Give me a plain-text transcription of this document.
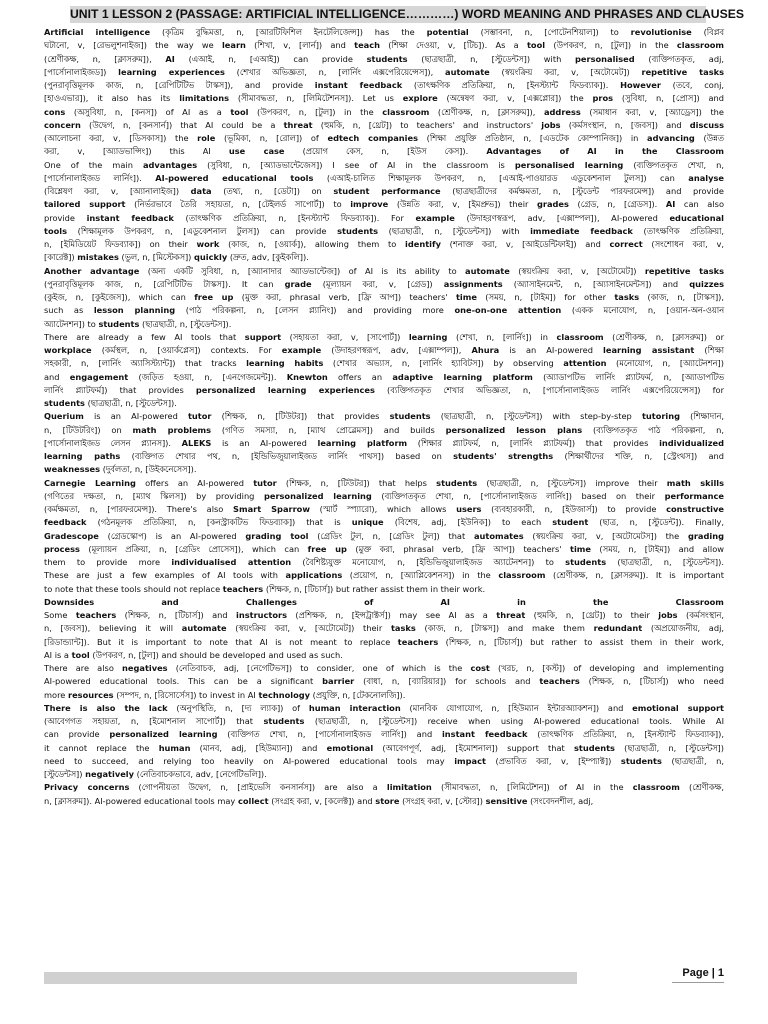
UNIT 1 LESSON 2 (PASSAGE: ARTIFICIAL INTELLIGENCE…………) WORD MEANING AND PHRASES AND CLAUSES

Artificial intelligence (কৃত্রিম বুদ্ধিমত্তা, n, [আরটিফিশিল ইনটেলিজেন্স]) has the potential (সম্ভাবনা, n, [পোটেনশিয়াল]) to revolutionise (বিপ্লব
ঘটানো, v, [রেভলুশনাইজ]) the way we learn (শিখা, v, [লার্ন]) and teach (শিক্ষা দেওয়া, v, [টিচ]). As a tool (উপকরণ, n, [টুল]) in the classroom
(শ্রেণীকক্ষ, n, [ক্লাসরুম]), AI (এআই, n, [এআই]) can provide students (ছাত্রছাত্রী, n, [স্টুডেন্টস]) with personalised (ব্যক্তিগতকৃত, adj,
[পার্সোনালাইজড]) learning experiences (শেখার অভিজ্ঞতা, n, [লার্নিং এক্সপেরিয়েন্সেস]), automate (স্বয়ংক্রিয় করা, v, [অটোমেট]) repetitive tasks
(পুনরাবৃত্তিমূলক কাজ, n, [রেপিটিটিভ টাস্কস]), and provide instant feedback (তাৎক্ষণিক প্রতিক্রিয়া, n, [ইনস্ট্যান্ট ফিডব্যাক]). However (তবে, conj,
[হাওএভার]), it also has its limitations (সীমাবদ্ধতা, n, [লিমিটেশনস]). Let us explore (অন্বেষণ করা, v, [এক্সপ্লোর]) the pros (সুবিধা, n, [প্রোস]) and
cons (অসুবিধা, n, [কনস]) of AI as a tool (উপকরণ, n, [টুল]) in the classroom (শ্রেণীকক্ষ, n, [ক্লাসরুম]), address (সমাধান করা, v, [অ্যাড্রেস]) the
concern (উদ্বেগ, n, [কনসার্ন]) that AI could be a threat (হুমকি, n, [থ্রেট]) to teachers' and instructors' jobs (কর্মসংস্থান, n, [জবস]) and discuss
(আলোচনা করা, v, [ডিসকাস]) the role (ভূমিকা, n, [রোল]) of edtech companies (শিক্ষা প্রযুক্তি প্রতিষ্ঠান, n, [এডটেক কোম্পানিজ]) in advancing (উন্নত
করা, v, [অ্যাডভান্সিং]) this AI use case (প্রয়োগ কেস, n, [ইউস কেস]). Advantages of AI in the Classroom
One of the main advantages (সুবিধা, n, [অ্যাডভান্টেজেস]) I see of AI in the classroom is personalised learning (ব্যক্তিগতকৃত শেখা, n,
[পার্সোনালাইজড লার্নিং]). AI-powered educational tools (এআই-চালিত শিক্ষামূলক উপকরণ, n, [এআই-পাওয়ারড এডুকেশনাল টুলস]) can analyse
(বিশ্লেষণ করা, v, [অ্যানালাইজ]) data (তথ্য, n, [ডেটা]) on student performance (ছাত্রছাত্রীদের কর্মক্ষমতা, n, [স্টুডেন্ট পারফরমেন্স]) and provide
tailored support (নির্ভরভাবে তৈরি সহায়তা, n, [টেইলর্ড সাপোর্ট]) to improve (উন্নতি করা, v, [ইমপ্রুভ]) their grades (গ্রেড, n, [গ্রেডস]). AI can also
provide instant feedback (তাৎক্ষণিক প্রতিক্রিয়া, n, [ইনস্ট্যান্ট ফিডব্যাক]). For example (উদাহরণস্বরূপ, adv, [এক্সাম্পল]), AI-powered educational
tools (শিক্ষামূলক উপকরণ, n, [এডুকেশনাল টুলস]) can provide students (ছাত্রছাত্রী, n, [স্টুডেন্টস]) with immediate feedback (তাৎক্ষণিক প্রতিক্রিয়া,
n, [ইমিডিয়েট ফিডব্যাক]) on their work (কাজ, n, [ওয়ার্ক]), allowing them to identify (শনাক্ত করা, v, [আইডেন্টিফাই]) and correct (সংশোধন করা, v,
[কারেক্ট]) mistakes (ভুল, n, [মিস্টেকস]) quickly (দ্রুত, adv, [কুইকলি]).

Another advantage (অন্য একটি সুবিধা, n, [অ্যানাদার অ্যাডভান্টেজ]) of AI is its ability to automate (স্বয়ংক্রিয় করা, v, [অটোমেট]) repetitive tasks
(পুনরাবৃত্তিমূলক কাজ, n, [রেপিটিটিভ টাস্কস]). It can grade (মূল্যায়ন করা, v, [গ্রেড]) assignments (অ্যাসাইনমেন্ট, n, [অ্যাসাইনমেন্টস]) and quizzes
(কুইজ, n, [কুইজেস]), which can free up (মুক্ত করা, phrasal verb, [ফ্রি আপ]) teachers' time (সময়, n, [টাইম]) for other tasks (কাজ, n, [টাস্কস]),
such as lesson planning (পাঠ পরিকল্পনা, n, [লেসন প্ল্যানিং]) and providing more one-on-one attention (একক মনোযোগ, n, [ওয়ান-অন-ওয়ান
অ্যাটেনশন]) to students (ছাত্রছাত্রী, n, [স্টুডেন্টস]).

There are already a few AI tools that support (সহায়তা করা, v, [সাপোর্ট]) learning (শেখা, n, [লার্নিং]) in classroom (শ্রেণীকক্ষ, n, [ক্লাসরুম]) or
workplace (কর্মস্থল, n, [ওয়ার্কপ্লেস]) contexts. For example (উদাহরণস্বরূপ, adv, [এক্সাম্পল]), Ahura is an AI-powered learning assistant (শিক্ষা
সহকারী, n, [লার্নিং অ্যাসিস্ট্যান্ট]) that tracks learning habits (শেখার অভ্যাস, n, [লার্নিং হ্যাবিটস]) by observing attention (মনোযোগ, n, [অ্যাটেনশন])
and engagement (জড়িত হওয়া, n, [এনগেজমেন্ট]). Knewton offers an adaptive learning platform (অ্যাডাপটিভ লার্নিং প্ল্যাটফর্ম, n, [অ্যাডাপটিভ
লার্নিং প্ল্যাটফর্ম]) that provides personalized learning experiences (ব্যক্তিগতকৃত শেখার অভিজ্ঞতা, n, [পার্সোনালাইজড লার্নিং এক্সপেরিয়েন্সেস]) for
students (ছাত্রছাত্রী, n, [স্টুডেন্টস]).

Querium is an AI-powered tutor (শিক্ষক, n, [টিউটর]) that provides students (ছাত্রছাত্রী, n, [স্টুডেন্টস]) with step-by-step tutoring (শিক্ষাদান,
n, [টিউটরিং]) on math problems (গণিত সমস্যা, n, [ম্যাথ প্রোব্লেমস]) and builds personalized lesson plans (ব্যক্তিগতকৃত পাঠ পরিকল্পনা, n,
[পার্সোনালাইজড লেসন প্ল্যানস]). ALEKS is an AI-powered learning platform (শিক্ষার প্ল্যাটফর্ম, n, [লার্নিং প্ল্যাটফর্ম]) that provides individualized
learning paths (ব্যক্তিগত শেখার পথ, n, [ইন্ডিভিজুয়ালাইজড লার্নিং পাথস]) based on students' strengths (শিক্ষার্থীদের শক্তি, n, [স্ট্রেংথস]) and
weaknesses (দুর্বলতা, n, [উইকনেসেস]).

Carnegie Learning offers an AI-powered tutor (শিক্ষক, n, [টিউটর]) that helps students (ছাত্রছাত্রী, n, [স্টুডেন্টস]) improve their math skills
(গণিতের দক্ষতা, n, [ম্যাথ স্কিলস]) by providing personalized learning (ব্যক্তিগতকৃত শেখা, n, [পার্সোনালাইজড লার্নিং]) based on their performance
(কর্মক্ষমতা, n, [পারফরমেন্স]). There's also Smart Sparrow (স্মার্ট স্প্যারো), which allows users (ব্যবহারকারী, n, [ইউজার্স]) to provide constructive
feedback (গঠনমূলক প্রতিক্রিয়া, n, [কনস্ট্রাকটিভ ফিডব্যাক]) that is unique (বিশেষ, adj, [ইউনিক]) to each student (ছাত্র, n, [স্টুডেন্ট]). Finally,
Gradescope (গ্রেডস্কোপ) is an AI-powered grading tool (গ্রেডিং টুল, n, [গ্রেডিং টুল]) that automates (স্বয়ংক্রিয় করা, v, [অটোমেটস]) the grading
process (মূল্যায়ন প্রক্রিয়া, n, [গ্রেডিং প্রোসেস]), which can free up (মুক্ত করা, phrasal verb, [ফ্রি আপ]) teachers' time (সময়, n, [টাইম]) and allow
them to provide more individualised attention (বৈশিষ্ট্যযুক্ত মনোযোগ, n, [ইন্ডিভিজুয়ালাইজড অ্যাটেনশন]) to students (ছাত্রছাত্রী, n, [স্টুডেন্টস]).
These are just a few examples of AI tools with applications (প্রয়োগ, n, [অ্যাপ্লিকেশনস]) in the classroom (শ্রেণীকক্ষ, n, [ক্লাসরুম]). It is important
to note that these tools should not replace teachers (শিক্ষক, n, [টিচার্স]) but rather assist them in their work.

Downsides	and	Challenges	of	AI	in	the	Classroom

Some teachers (শিক্ষক, n, [টিচার্স]) and instructors (প্রশিক্ষক, n, [ইন্সট্রাক্টর্স]) may see AI as a threat (হুমকি, n, [থ্রেট]) to their jobs (কর্মসংস্থান,
n, [জবস]), believing it will automate (স্বয়ংক্রিয় করা, v, [অটোমেট]) their tasks (কাজ, n, [টাস্কস]) and make them redundant (অপ্রয়োজনীয়, adj,
[রিডান্ড্যান্ট]). But it is important to note that AI is not meant to replace teachers (শিক্ষক, n, [টিচার্স]) but rather to assist them in their work,
AI is a tool (উপকরণ, n, [টুল]) and should be developed and used as such.

There are also negatives (নেতিবাচক, adj, [নেগেটিভস]) to consider, one of which is the cost (খরচ, n, [কস্ট]) of developing and implementing
AI-powered educational tools. This can be a significant barrier (বাধা, n, [ব্যারিয়ার]) for schools and teachers (শিক্ষক, n, [টিচার্স]) who need
more resources (সম্পদ, n, [রিসোর্সেস]) to invest in AI technology (প্রযুক্তি, n, [টেকনোলজি]).

There is also the lack (অনুপস্থিতি, n, [দ্য ল্যাক]) of human interaction (মানবিক যোগাযোগ, n, [হিউম্যান ইন্টারঅ্যাকশন]) and emotional support
(আবেগগত সহায়তা, n, [ইমোশনাল সাপোর্ট]) that students (ছাত্রছাত্রী, n, [স্টুডেন্টস]) receive when using AI-powered educational tools. While AI
can provide personalized learning (ব্যক্তিগত শেখা, n, [পার্সোনালাইজড লার্নিং]) and instant feedback (তাৎক্ষণিক প্রতিক্রিয়া, n, [ইনস্ট্যান্ট ফিডব্যাক]),
it cannot replace the human (মানব, adj, [হিউম্যান]) and emotional (আবেগপূর্ণ, adj, [ইমোশনাল]) support that students (ছাত্রছাত্রী, n, [স্টুডেন্টস])
need to succeed, and relying too heavily on AI-powered educational tools may impact (প্রভাবিত করা, v, [ইম্প্যাক্ট]) students (ছাত্রছাত্রী, n,
[স্টুডেন্টস]) negatively (নেতিবাচকভাবে, adv, [নেগেটিভলি]).

Privacy concerns (গোপনীয়তা উদ্বেগ, n, [প্রাইভেসি কনসার্নস]) are also a limitation (সীমাবদ্ধতা, n, [লিমিটেশন]) of AI in the classroom (শ্রেণীকক্ষ,
n, [ক্লাসরুম]). AI-powered educational tools may collect (সংগ্রহ করা, v, [কলেক্ট]) and store (সংগ্রহ করা, v, [স্টোর]) sensitive (সংবেদনশীল, adj,

Page | 1
